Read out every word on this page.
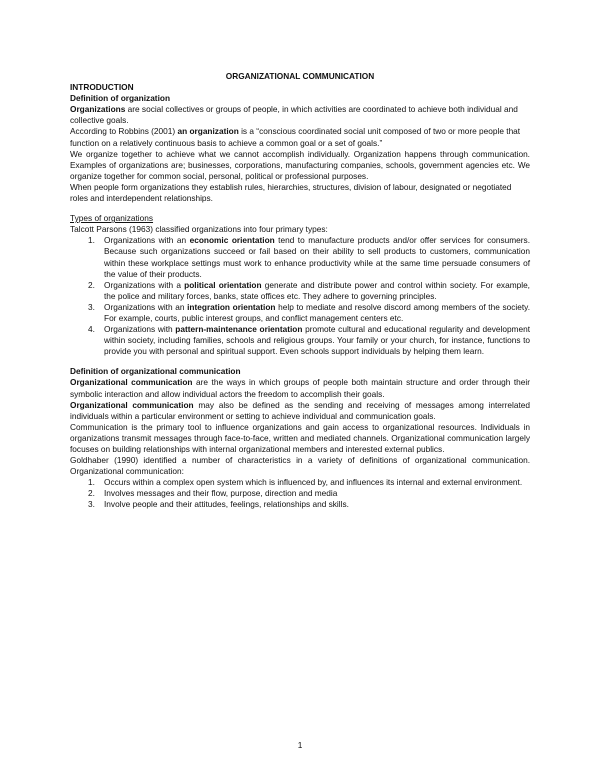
ORGANIZATIONAL COMMUNICATION

INTRODUCTION

Definition of organization

Organizations are social collectives or groups of people, in which activities are coordinated to achieve both individual and collective goals.

According to Robbins (2001) an organization is a “conscious coordinated social unit composed of two or more people that function on a relatively continuous basis to achieve a common goal or a set of goals.”

We organize together to achieve what we cannot accomplish individually. Organization happens through communication. Examples of organizations are; businesses, corporations, manufacturing companies, schools, government agencies etc. We organize together for common social, personal, political or professional purposes.

When people form organizations they establish rules, hierarchies, structures, division of labour, designated or negotiated roles and interdependent relationships.

Types of organizations

Talcott Parsons (1963) classified organizations into four primary types:

1. Organizations with an economic orientation tend to manufacture products and/or offer services for consumers. Because such organizations succeed or fail based on their ability to sell products to customers, communication within these workplace settings must work to enhance productivity while at the same time persuade consumers of the value of their products.
2. Organizations with a political orientation generate and distribute power and control within society. For example, the police and military forces, banks, state offices etc. They adhere to governing principles.
3. Organizations with an integration orientation help to mediate and resolve discord among members of the society. For example, courts, public interest groups, and conflict management centers etc.
4. Organizations with pattern-maintenance orientation promote cultural and educational regularity and development within society, including families, schools and religious groups. Your family or your church, for instance, functions to provide you with personal and spiritual support. Even schools support individuals by helping them learn.

Definition of organizational communication

Organizational communication are the ways in which groups of people both maintain structure and order through their symbolic interaction and allow individual actors the freedom to accomplish their goals.

Organizational communication may also be defined as the sending and receiving of messages among interrelated individuals within a particular environment or setting to achieve individual and communication goals.

Communication is the primary tool to influence organizations and gain access to organizational resources. Individuals in organizations transmit messages through face-to-face, written and mediated channels. Organizational communication largely focuses on building relationships with internal organizational members and interested external publics.

Goldhaber (1990) identified a number of characteristics in a variety of definitions of organizational communication. Organizational communication:

1. Occurs within a complex open system which is influenced by, and influences its internal and external environment.
2. Involves messages and their flow, purpose, direction and media
3. Involve people and their attitudes, feelings, relationships and skills.
1
